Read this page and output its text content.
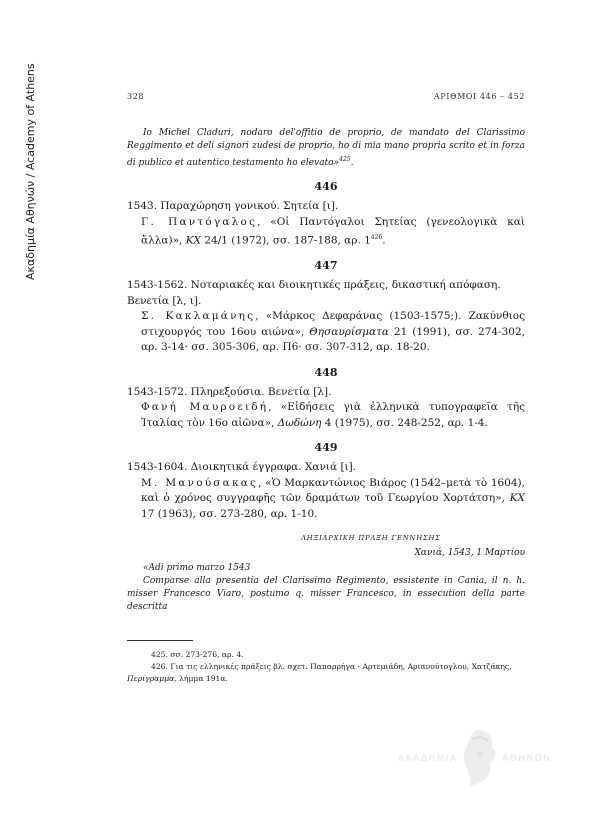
Ακαδημία Αθηνών / Academy of Athens	328	ΑΡΙΘΜΟΙ 446 – 452

Io Michel Claduri, nodaro del'offitio de proprio, de mandato del Clarissimo Reggimento et deli signori zudesi de proprio, ho di mia mano propria scrito et in forza di publico et autentico testamento ho elevato»$^{425}$.

446
1543. Παραχώρηση γονικού. Σητεία [ι].
Γ. Παντόγαλος, «Οἱ Παντόγαλοι Σητείας (γενεολογικὰ καὶ ἄλλα)», ΚΧ 24/1 (1972), σσ. 187-188, αρ. $1^{426}$.
447
1543-1562. Νοταριακές και διοικητικές πράξεις, δικαστική απόφαση. Βενετία [λ, ι].
Σ. Κακλαμάνης, «Μάρκος Δεφαράνας (1503-1575;). Ζακύνθιος στιχουργός του 16ου αιώνα», Θησαυρίσματα 21 (1991), σσ. 274-302, αρ. 3-14· σσ. 305-306, αρ. Π6· σσ. 307-312, αρ. 18-20.
448
1543-1572. Πληρεξούσια. Βενετία [λ].
Φανή Μαυροειδή, «Εἰδήσεις γιὰ ἑλληνικὰ τυπογραφεῖα τῆς Ἰταλίας τὸν 16ο αἰῶνα», Δωδώνη 4 (1975), σσ. 248-252, αρ. 1-4.
449
1543-1604. Διοικητικά έγγραφα. Χανιά [ι].
Μ. Μανούσακας, «Ὁ Μαρκαντώνιος Βιάρος (1542–μετὰ τὸ 1604), καὶ ὁ χρόνος συγγραφῆς τῶν δραμάτων τοῦ Γεωργίου Χορτάτση», ΚΧ 17 (1963), σσ. 273-280, αρ. 1-10.
ΛΗΞΙΑΡΧΙΚΗ ΠΡΑΞΗ ΓΕΝΝΗΣΗΣ
Χανιά, 1543, 1 Μαρτίου
«Adi primo marzo 1543
Comparse alla presentia del Clarissimo Regimento, essistente in Cania, il n. h. misser Francesco Viaro, postumo q. misser Francesco, in essecution della parte descritta
425. σσ. 273-276, αρ. 4.
426. Για τις ελληνικές πράξεις βλ. σχετ. Παπαρρήγα - Αρτεμιάδη, Αριανούτογλου, Χατζάκης, Περίγραμμα, λήμμα 191α.
ΑΚΑΔΗΜΙΑ	ΑΘΗΝΩΝ
